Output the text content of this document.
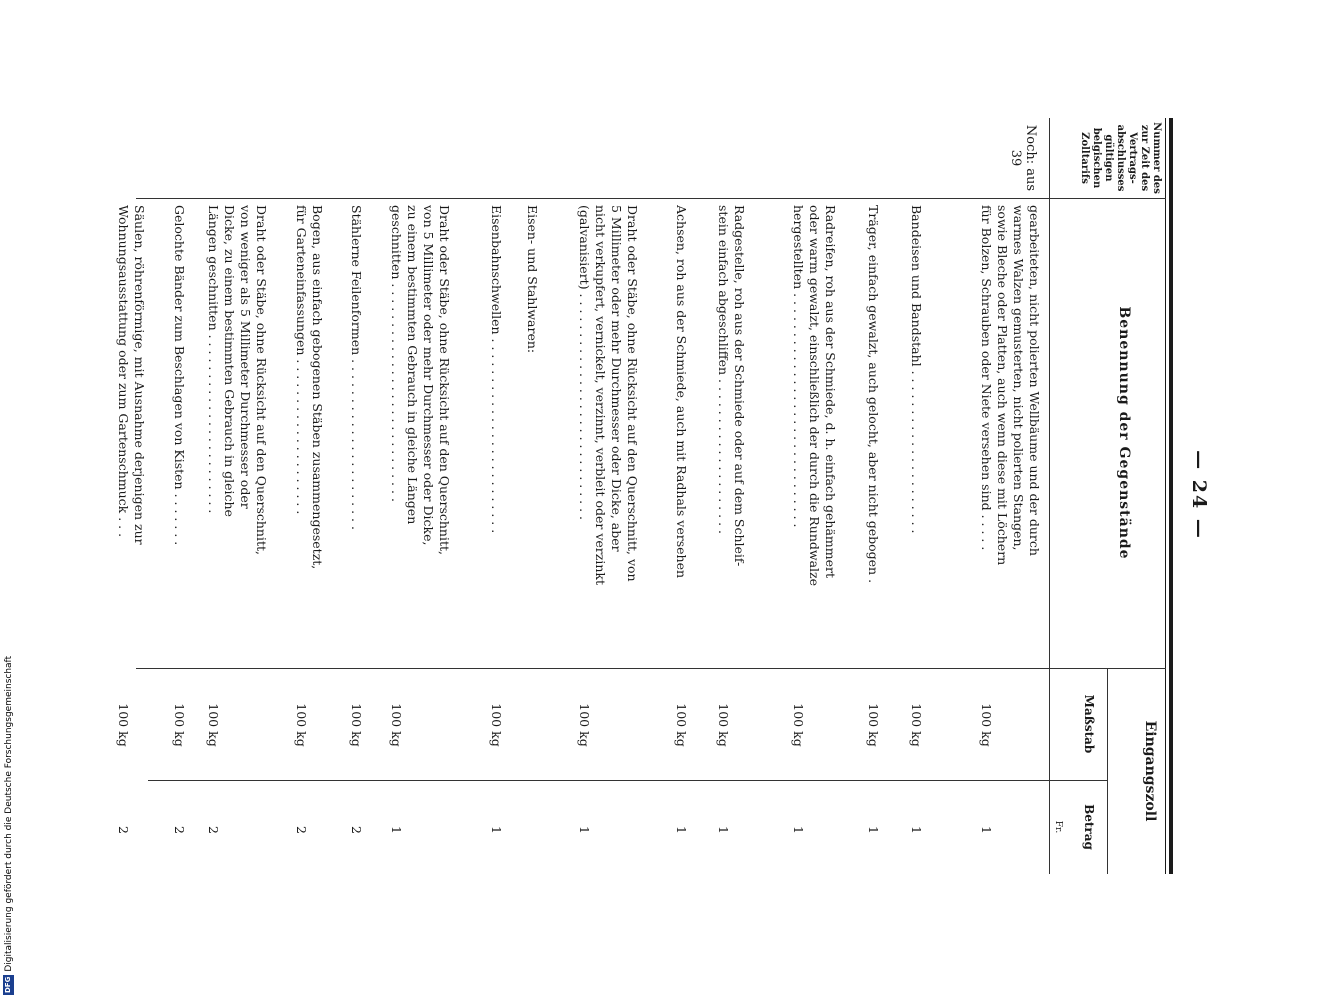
DFGDigitalisierung gefördert durch die Deutsche Forschungsgemeinschaft
— 24 —
Nummer des zur Zeit des Vertrags-abschlusses gültigen belgischen Zolltarifs
Benennung der Gegenstände
Eingangszoll
Maßstab
Betrag
Fr.
Noch: aus 39
gearbeiteten, nicht polierten Wellbäume und der durch
warmes Walzen gemusterten, nicht polierten Stangen,
sowie Bleche oder Platten, auch wenn diese mit Löchern
für Bolzen, Schrauben oder Niete versehen sind . . . . .
100 kg
1
Bandeisen und Bandstahl . . . . . . . . . . . . . . . . . . . . .
100 kg
1
Träger, einfach gewalzt, auch gelocht, aber nicht gebogen .
100 kg
1
Radreifen, roh aus der Schmiede, d. h. einfach gehämmert
oder warm gewalzt, einschließlich der durch die Rundwalze
hergestellten . . . . . . . . . . . . . . . . . . . . . . . . . . . . . .
100 kg
1
Radgestelle, roh aus der Schmiede oder auf dem Schleif-
stein einfach abgeschliffen . . . . . . . . . . . . . . . . . . . .
100 kg
1
Achsen, roh aus der Schmiede, auch mit Radhals versehen
100 kg
1
Draht oder Stäbe, ohne Rücksicht auf den Querschnitt, von
5 Millimeter oder mehr Durchmesser oder Dicke, aber
nicht verkupfert, vernickelt, verzinnt, verbleit oder verzinkt
(galvanisiert) . . . . . . . . . . . . . . . . . . . . . . . . . . . . .
100 kg
1
Eisen- und Stahlwaren:
Eisenbahnschwellen . . . . . . . . . . . . . . . . . . . . . . . . .
100 kg
1
Draht oder Stäbe, ohne Rücksicht auf den Querschnitt,
von 5 Millimeter oder mehr Durchmesser oder Dicke,
zu einem bestimmten Gebrauch in gleiche Längen
geschnitten . . . . . . . . . . . . . . . . . . . . . . . . . . . .
100 kg
1
Stählerne Feilenformen . . . . . . . . . . . . . . . . . . . . . .
100 kg
2
Bogen, aus einfach gebogenen Stäben zusammengesetzt,
für Garteneinfassungen . . . . . . . . . . . . . . . . . . . .
100 kg
2
Draht oder Stäbe, ohne Rücksicht auf den Querschnitt,
von weniger als 5 Millimeter Durchmesser oder
Dicke, zu einem bestimmten Gebrauch in gleiche
Längen geschnitten . . . . . . . . . . . . . . . . . . . . . . .
100 kg
2
Gelochte Bänder zum Beschlagen von Kisten . . . . . . .
100 kg
2
Säulen, röhrenförmige, mit Ausnahme derjenigen zur
Wohnungsausstattung oder zum Gartenschmuck . . .
100 kg
2
